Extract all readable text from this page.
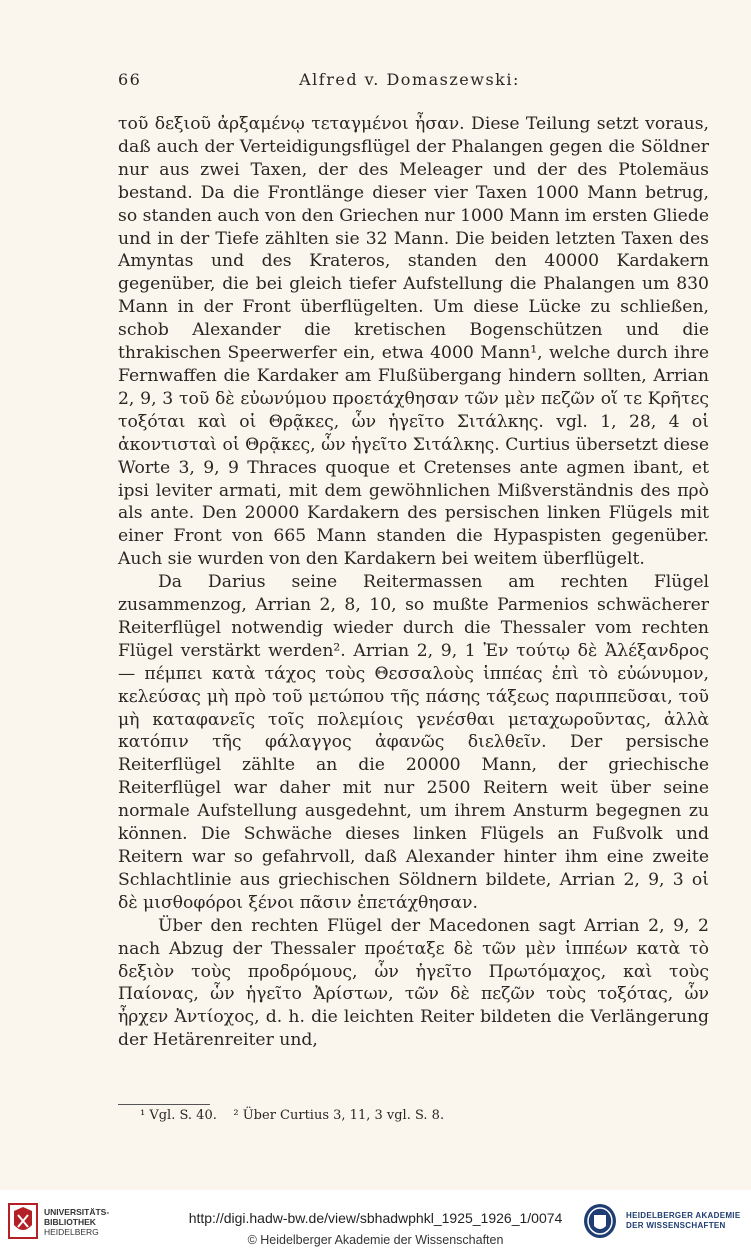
66	Alfred v. Domaszewski:

τοῦ δεξιοῦ ἀρξαμένῳ τεταγμένοι ἦσαν. Diese Teilung setzt voraus, daß auch der Verteidigungsflügel der Phalangen gegen die Söldner nur aus zwei Taxen, der des Meleager und der des Ptolemäus bestand. Da die Frontlänge dieser vier Taxen 1000 Mann betrug, so standen auch von den Griechen nur 1000 Mann im ersten Gliede und in der Tiefe zählten sie 32 Mann. Die beiden letzten Taxen des Amyntas und des Krateros, standen den 40000 Kardakern gegenüber, die bei gleich tiefer Aufstellung die Phalangen um 830 Mann in der Front überflügelten. Um diese Lücke zu schließen, schob Alexander die kretischen Bogenschützen und die thrakischen Speerwerfer ein, etwa 4000 Mann¹, welche durch ihre Fernwaffen die Kardaker am Flußübergang hindern sollten, Arrian 2, 9, 3 τοῦ δὲ εὐωνύμου προετάχθησαν τῶν μὲν πεζῶν οἵ τε Κρῆτες τοξόται καὶ οἱ Θρᾷκες, ὧν ἡγεῖτο Σιτάλκης. vgl. 1, 28, 4 οἱ ἀκοντισταὶ οἱ Θρᾷκες, ὧν ἡγεῖτο Σιτάλκης. Curtius übersetzt diese Worte 3, 9, 9 Thraces quoque et Cretenses ante agmen ibant, et ipsi leviter armati, mit dem gewöhnlichen Mißverständnis des πρὸ als ante. Den 20000 Kardakern des persischen linken Flügels mit einer Front von 665 Mann standen die Hypaspisten gegenüber. Auch sie wurden von den Kardakern bei weitem überflügelt.

Da Darius seine Reitermassen am rechten Flügel zusammenzog, Arrian 2, 8, 10, so mußte Parmenios schwächerer Reiterflügel notwendig wieder durch die Thessaler vom rechten Flügel verstärkt werden². Arrian 2, 9, 1 Ἐν τούτῳ δὲ Ἀλέξανδρος — πέμπει κατὰ τάχος τοὺς Θεσσαλοὺς ἱππέας ἐπὶ τὸ εὐώνυμον, κελεύσας μὴ πρὸ τοῦ μετώπου τῆς πάσης τάξεως παριππεῦσαι, τοῦ μὴ καταφανεῖς τοῖς πολεμίοις γενέσθαι μεταχωροῦντας, ἀλλὰ κατόπιν τῆς φάλαγγος ἀφανῶς διελθεῖν. Der persische Reiterflügel zählte an die 20000 Mann, der griechische Reiterflügel war daher mit nur 2500 Reitern weit über seine normale Aufstellung ausgedehnt, um ihrem Ansturm begegnen zu können. Die Schwäche dieses linken Flügels an Fußvolk und Reitern war so gefahrvoll, daß Alexander hinter ihm eine zweite Schlachtlinie aus griechischen Söldnern bildete, Arrian 2, 9, 3 οἱ δὲ μισθοφόροι ξένοι πᾶσιν ἐπετάχθησαν.

Über den rechten Flügel der Macedonen sagt Arrian 2, 9, 2 nach Abzug der Thessaler προέταξε δὲ τῶν μὲν ἱππέων κατὰ τὸ δεξιὸν τοὺς προδρόμους, ὧν ἡγεῖτο Πρωτόμαχος, καὶ τοὺς Παίονας, ὧν ἡγεῖτο Ἀρίστων, τῶν δὲ πεζῶν τοὺς τοξότας, ὧν ἦρχεν Ἀντίοχος, d. h. die leichten Reiter bildeten die Verlängerung der Hetärenreiter und,

¹ Vgl. S. 40.    ² Über Curtius 3, 11, 3 vgl. S. 8.
UNIVERSITÄTS-
BIBLIOTHEK
HEIDELBERG
http://digi.hadw-bw.de/view/sbhadwphkl_1925_1926_1/0074
© Heidelberger Akademie der Wissenschaften
HEIDELBERGER AKADEMIE
DER WISSENSCHAFTEN
